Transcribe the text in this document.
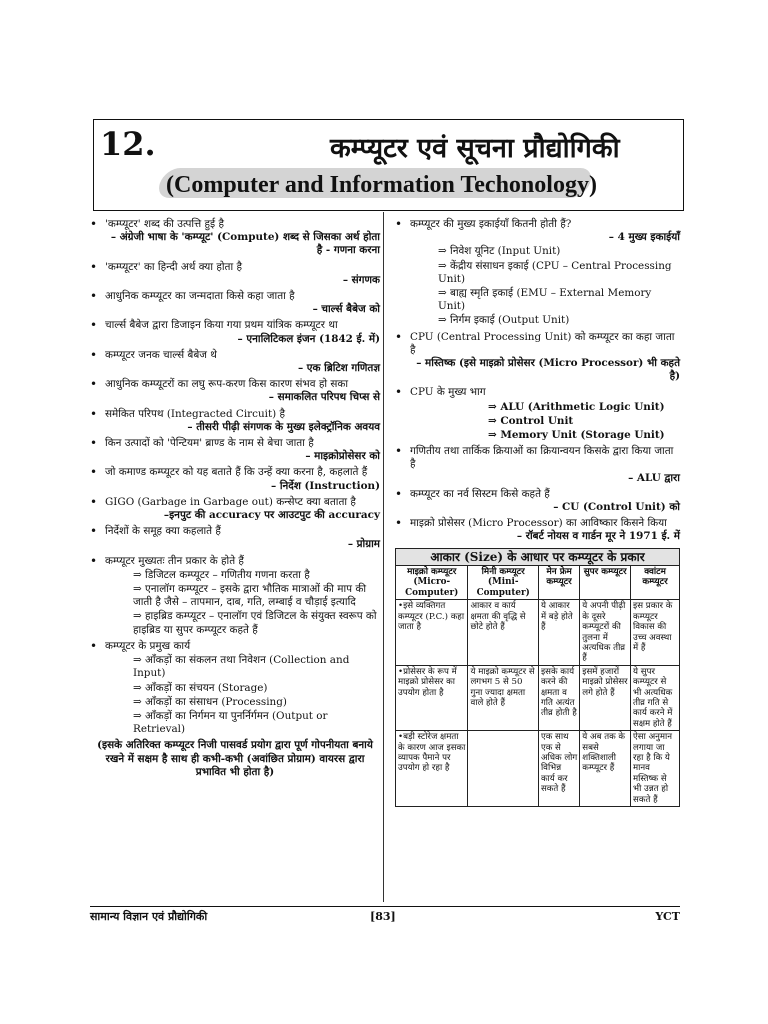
12.	कम्प्यूटर एवं सूचना प्रौद्योगिकी
(Computer and Information Techonology)
• 'कम्प्यूटर' शब्द की उत्पत्ति हुई है
– अंग्रेजी भाषा के 'कम्प्यूट' (Compute) शब्द से जिसका अर्थ होता है - गणना करना
• 'कम्प्यूटर' का हिन्दी अर्थ क्या होता है
– संगणक
• आधुनिक कम्प्यूटर का जन्मदाता किसे कहा जाता है
– चार्ल्स बैबेज को
• चार्ल्स बैबेज द्वारा डिजाइन किया गया प्रथम यांत्रिक कम्प्यूटर था
– एनालिटिकल इंजन (1842 ई. में)
• कम्प्यूटर जनक चार्ल्स बैबेज थे
– एक ब्रिटिश गणितज्ञ
• आधुनिक कम्प्यूटरों का लघु रूप-करण किस कारण संभव हो सका
– समाकलित परिपथ चिप्स से
• समेकित परिपथ (Integracted Circuit) है
– तीसरी पीढ़ी संगणक के मुख्य इलेक्ट्रॉनिक अवयव
• किन उत्पादों को 'पेन्टियम' ब्राण्ड के नाम से बेचा जाता है
– माइक्रोप्रोसेसर को
• जो कमाण्ड कम्प्यूटर को यह बताते हैं कि उन्हें क्या करना है, कहलाते हैं
– निर्देश (Instruction)
• GIGO (Garbage in Garbage out) कन्सेप्ट क्या बताता है
–इनपुट की accuracy पर आउटपुट की accuracy
• निर्देशों के समूह क्या कहलाते हैं
– प्रोग्राम
• कम्प्यूटर मुख्यतः तीन प्रकार के होते हैं
⇒ डिजिटल कम्प्यूटर – गणितीय गणना करता है
⇒ एनालॉग कम्प्यूटर – इसके द्वारा भौतिक मात्राओं की माप की जाती है जैसे – तापमान, दाब, गति, लम्बाई व चौड़ाई इत्यादि
⇒ हाइब्रिड कम्प्यूटर – एनालॉग एवं डिजिटल के संयुक्त स्वरूप को हाइब्रिड या सुपर कम्प्यूटर कहते हैं
• कम्प्यूटर के प्रमुख कार्य
⇒ आँकड़ों का संकलन तथा निवेशन (Collection and Input)
⇒ आँकड़ों का संचयन (Storage)
⇒ आँकड़ों का संसाधन (Processing)
⇒ आँकड़ों का निर्गमन या पुनर्निर्गमन (Output or Retrieval)
(इसके अतिरिक्त कम्प्यूटर निजी पासवर्ड प्रयोग द्वारा पूर्ण गोपनीयता बनाये रखने में सक्षम है साथ ही कभी-कभी (अवांछित प्रोग्राम) वायरस द्वारा प्रभावित भी होता है)
• कम्प्यूटर की मुख्य इकाईयाँ कितनी होती हैं?
– 4 मुख्य इकाईयाँ
⇒ निवेश यूनिट (Input Unit)
⇒ केंद्रीय संसाधन इकाई (CPU – Central Processing Unit)
⇒ बाह्य स्मृति इकाई (EMU – External Memory Unit)
⇒ निर्गम इकाई (Output Unit)
• CPU (Central Processing Unit) को कम्प्यूटर का कहा जाता है
– मस्तिष्क (इसे माइक्रो प्रोसेसर (Micro Processor) भी कहते है)
• CPU के मुख्य भाग
⇒ ALU (Arithmetic Logic Unit)
⇒ Control Unit
⇒ Memory Unit (Storage Unit)
• गणितीय तथा तार्किक क्रियाओं का क्रियान्वयन किसके द्वारा किया जाता है
– ALU द्वारा
• कम्प्यूटर का नर्व सिस्टम किसे कहते हैं
– CU (Control Unit) को
• माइक्रो प्रोसेसर (Micro Processor) का आविष्कार किसने किया
– रॉबर्ट नोयस व गार्डन मूर ने 1971 ई. में
आकार (Size) के आधार पर कम्प्यूटर के प्रकार				
माइक्रो कम्प्यूटर (Micro-Computer)	मिनी कम्प्यूटर (Mini-Computer)	मेन फ्रेम कम्प्यूटर	सुपर कम्प्यूटर	क्वांटम कम्प्यूटर
•इसे व्यक्तिगत कम्प्यूटर (P.C.) कहा जाता है	आकार व कार्य क्षमता की वृद्धि से छोटे होते हैं	ये आकार में बड़े होते हैं	ये अपनी पीढ़ी के दूसरे कम्प्यूटरों की तुलना में अत्यधिक तीव्र हैं	इस प्रकार के कम्प्यूटर विकास की उच्च अवस्था में हैं
•प्रोसेसर के रूप में माइक्रो प्रोसेसर का उपयोग होता है	ये माइक्रो कम्प्यूटर से लगभग 5 से 50 गुना ज्यादा क्षमता वाले होते हैं	इसके कार्य करने की क्षमता व गति अत्यंत तीव्र होती है	इसमें हजारों माइक्रो प्रोसेसर लगे होते हैं	ये सुपर कम्प्यूटर से भी अत्यधिक तीव्र गति से कार्य करने में सक्षम होते हैं
•बड़ी स्टोरेज क्षमता के कारण आज इसका व्यापक पैमाने पर उपयोग हो रहा है		एक साथ एक से अधिक लोग विभिन्न कार्य कर सकते हैं	ये अब तक के सबसे शक्तिशाली कम्प्यूटर हैं	ऐसा अनुमान लगाया जा रहा है कि ये मानव मस्तिष्क से भी उन्नत हो सकते हैं
सामान्य विज्ञान एवं प्रौद्योगिकी	[83]	YCT
